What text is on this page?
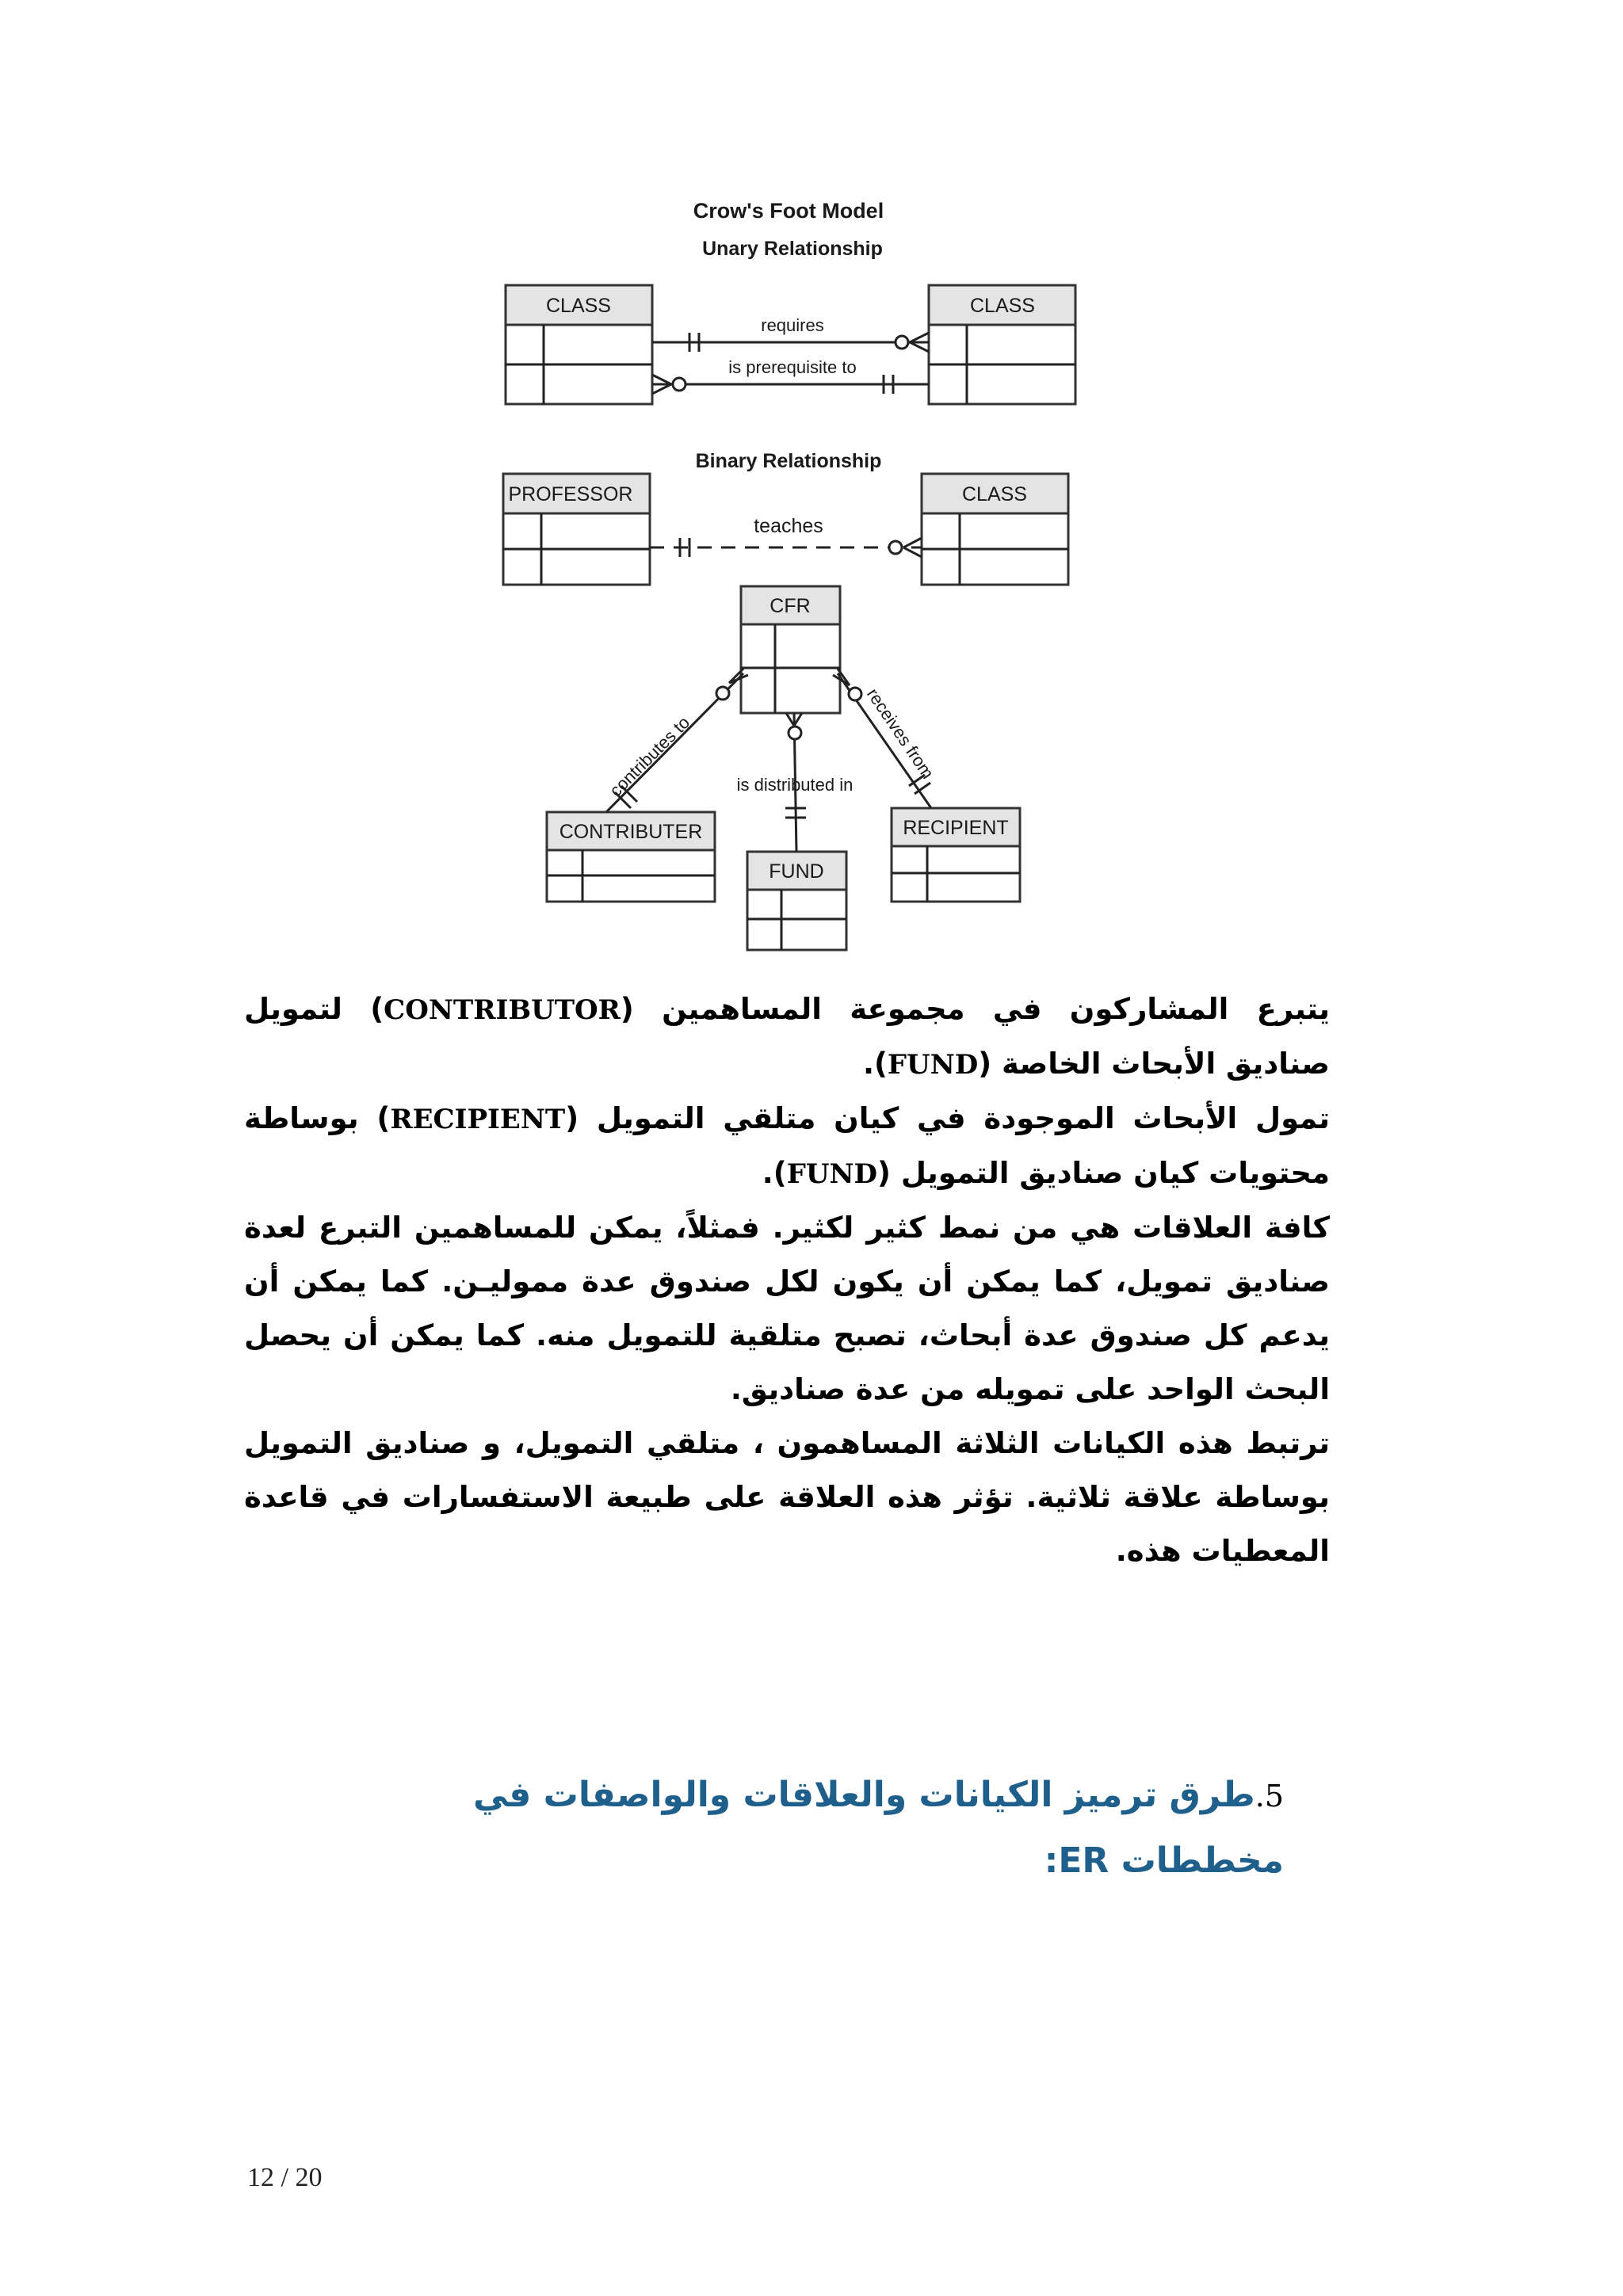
Crow's Foot Model
Unary Relationship
CLASS	CLASS
requires
is prerequisite to
Binary Relationship
PROFESSOR	CLASS
teaches
CFR
CONTRIBUTER
FUND
RECIPIENT
contributes to	receives from
is distributed in

يتبرع المشاركون في مجموعة المساهمين (CONTRIBUTOR) لتمويل صناديق الأبحاث الخاصة (FUND).

تمول الأبحاث الموجودة في كيان متلقي التمويل (RECIPIENT) بوساطة محتويات كيان صناديق التمويل (FUND).

كافة العلاقات هي من نمط كثير لكثير. فمثلاً، يمكن للمساهمين التبرع لعدة صناديق تمويل، كما يمكن أن يكون لكل صندوق عدة مموليـن. كما يمكن أن يدعم كل صندوق عدة أبحاث، تصبح متلقية للتمويل منه. كما يمكن أن يحصل البحث الواحد على تمويله من عدة صناديق.

ترتبط هذه الكيانات الثلاثة المساهمون ، متلقي التمويل، و صناديق التمويل بوساطة علاقة ثلاثية. تؤثر هذه العلاقة على طبيعة الاستفسارات في قاعدة المعطيات هذه.

5.طرق ترميز الكيانات والعلاقات والواصفات في مخططات ER:
12 / 20
